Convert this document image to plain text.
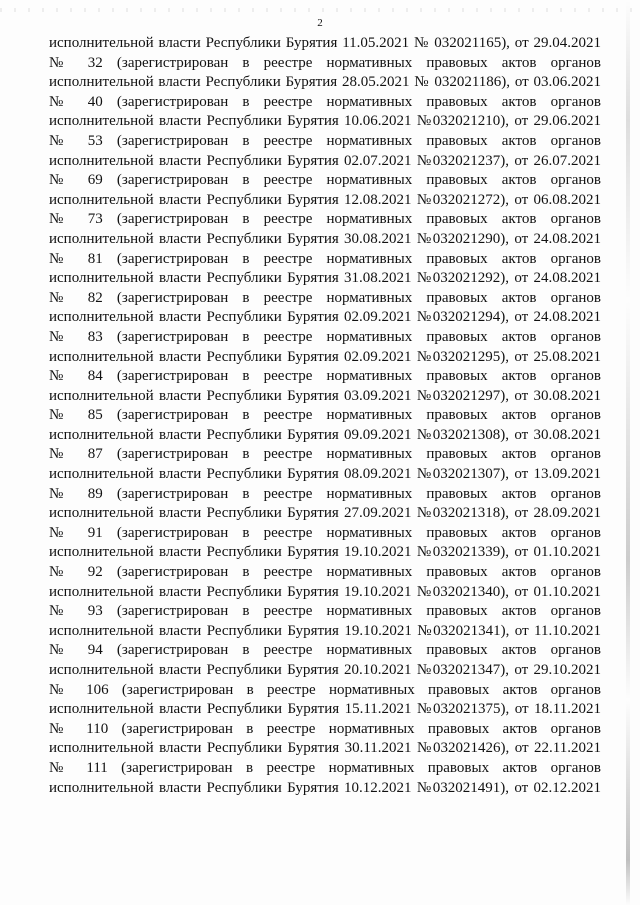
2
исполнительной власти Республики Бурятия 11.05.2021 № 032021165), от 29.04.2021
№ 32 (зарегистрирован в реестре нормативных правовых актов органов
исполнительной власти Республики Бурятия 28.05.2021 № 032021186), от 03.06.2021
№ 40 (зарегистрирован в реестре нормативных правовых актов органов
исполнительной власти Республики Бурятия 10.06.2021 №032021210), от 29.06.2021
№ 53 (зарегистрирован в реестре нормативных правовых актов органов
исполнительной власти Республики Бурятия 02.07.2021 №032021237), от 26.07.2021
№ 69 (зарегистрирован в реестре нормативных правовых актов органов
исполнительной власти Республики Бурятия 12.08.2021 №032021272), от 06.08.2021
№ 73 (зарегистрирован в реестре нормативных правовых актов органов
исполнительной власти Республики Бурятия 30.08.2021 №032021290), от 24.08.2021
№ 81 (зарегистрирован в реестре нормативных правовых актов органов
исполнительной власти Республики Бурятия 31.08.2021 №032021292), от 24.08.2021
№ 82 (зарегистрирован в реестре нормативных правовых актов органов
исполнительной власти Республики Бурятия 02.09.2021 №032021294), от 24.08.2021
№ 83 (зарегистрирован в реестре нормативных правовых актов органов
исполнительной власти Республики Бурятия 02.09.2021 №032021295), от 25.08.2021
№ 84 (зарегистрирован в реестре нормативных правовых актов органов
исполнительной власти Республики Бурятия 03.09.2021 №032021297), от 30.08.2021
№ 85 (зарегистрирован в реестре нормативных правовых актов органов
исполнительной власти Республики Бурятия 09.09.2021 №032021308), от 30.08.2021
№ 87 (зарегистрирован в реестре нормативных правовых актов органов
исполнительной власти Республики Бурятия 08.09.2021 №032021307), от 13.09.2021
№ 89 (зарегистрирован в реестре нормативных правовых актов органов
исполнительной власти Республики Бурятия 27.09.2021 №032021318), от 28.09.2021
№ 91 (зарегистрирован в реестре нормативных правовых актов органов
исполнительной власти Республики Бурятия 19.10.2021 №032021339), от 01.10.2021
№ 92 (зарегистрирован в реестре нормативных правовых актов органов
исполнительной власти Республики Бурятия 19.10.2021 №032021340), от 01.10.2021
№ 93 (зарегистрирован в реестре нормативных правовых актов органов
исполнительной власти Республики Бурятия 19.10.2021 №032021341), от 11.10.2021
№ 94 (зарегистрирован в реестре нормативных правовых актов органов
исполнительной власти Республики Бурятия 20.10.2021 №032021347), от 29.10.2021
№ 106 (зарегистрирован в реестре нормативных правовых актов органов
исполнительной власти Республики Бурятия 15.11.2021 №032021375), от 18.11.2021
№ 110 (зарегистрирован в реестре нормативных правовых актов органов
исполнительной власти Республики Бурятия 30.11.2021 №032021426), от 22.11.2021
№ 111 (зарегистрирован в реестре нормативных правовых актов органов
исполнительной власти Республики Бурятия 10.12.2021 №032021491), от 02.12.2021
